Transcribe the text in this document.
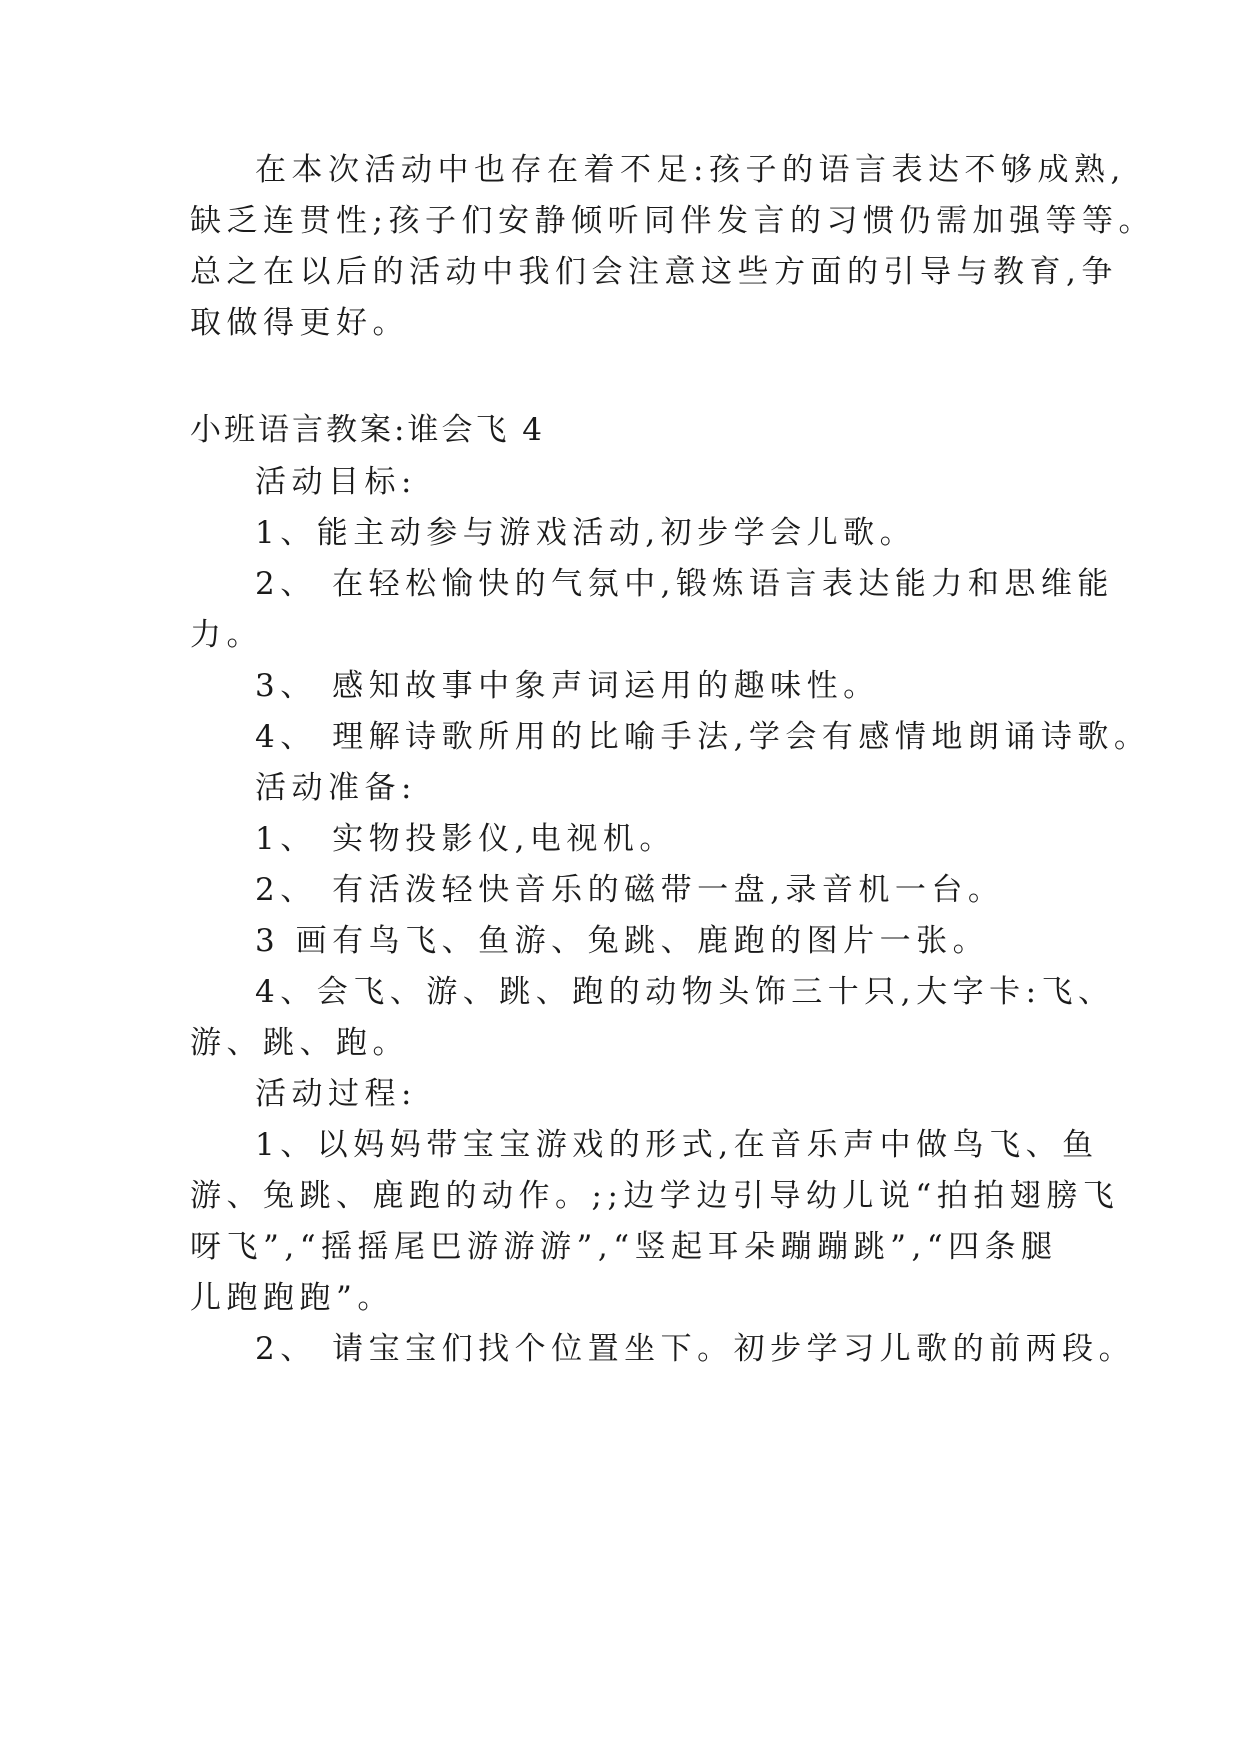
在本次活动中也存在着不足:孩子的语言表达不够成熟,
缺乏连贯性;孩子们安静倾听同伴发言的习惯仍需加强等等。
总之在以后的活动中我们会注意这些方面的引导与教育,争
取做得更好。
小班语言教案:谁会飞 4
活动目标:
1、能主动参与游戏活动,初步学会儿歌。
2、 在轻松愉快的气氛中,锻炼语言表达能力和思维能
力。
3、 感知故事中象声词运用的趣味性。
4、 理解诗歌所用的比喻手法,学会有感情地朗诵诗歌。
活动准备:
1、 实物投影仪,电视机。
2、 有活泼轻快音乐的磁带一盘,录音机一台。
3 画有鸟飞、鱼游、兔跳、鹿跑的图片一张。
4、会飞、游、跳、跑的动物头饰三十只,大字卡:飞、
游、跳、跑。
活动过程:
1、以妈妈带宝宝游戏的形式,在音乐声中做鸟飞、鱼
游、兔跳、鹿跑的动作。;;边学边引导幼儿说“拍拍翅膀飞
呀飞”,“摇摇尾巴游游游”,“竖起耳朵蹦蹦跳”,“四条腿
儿跑跑跑”。
2、 请宝宝们找个位置坐下。初步学习儿歌的前两段。
